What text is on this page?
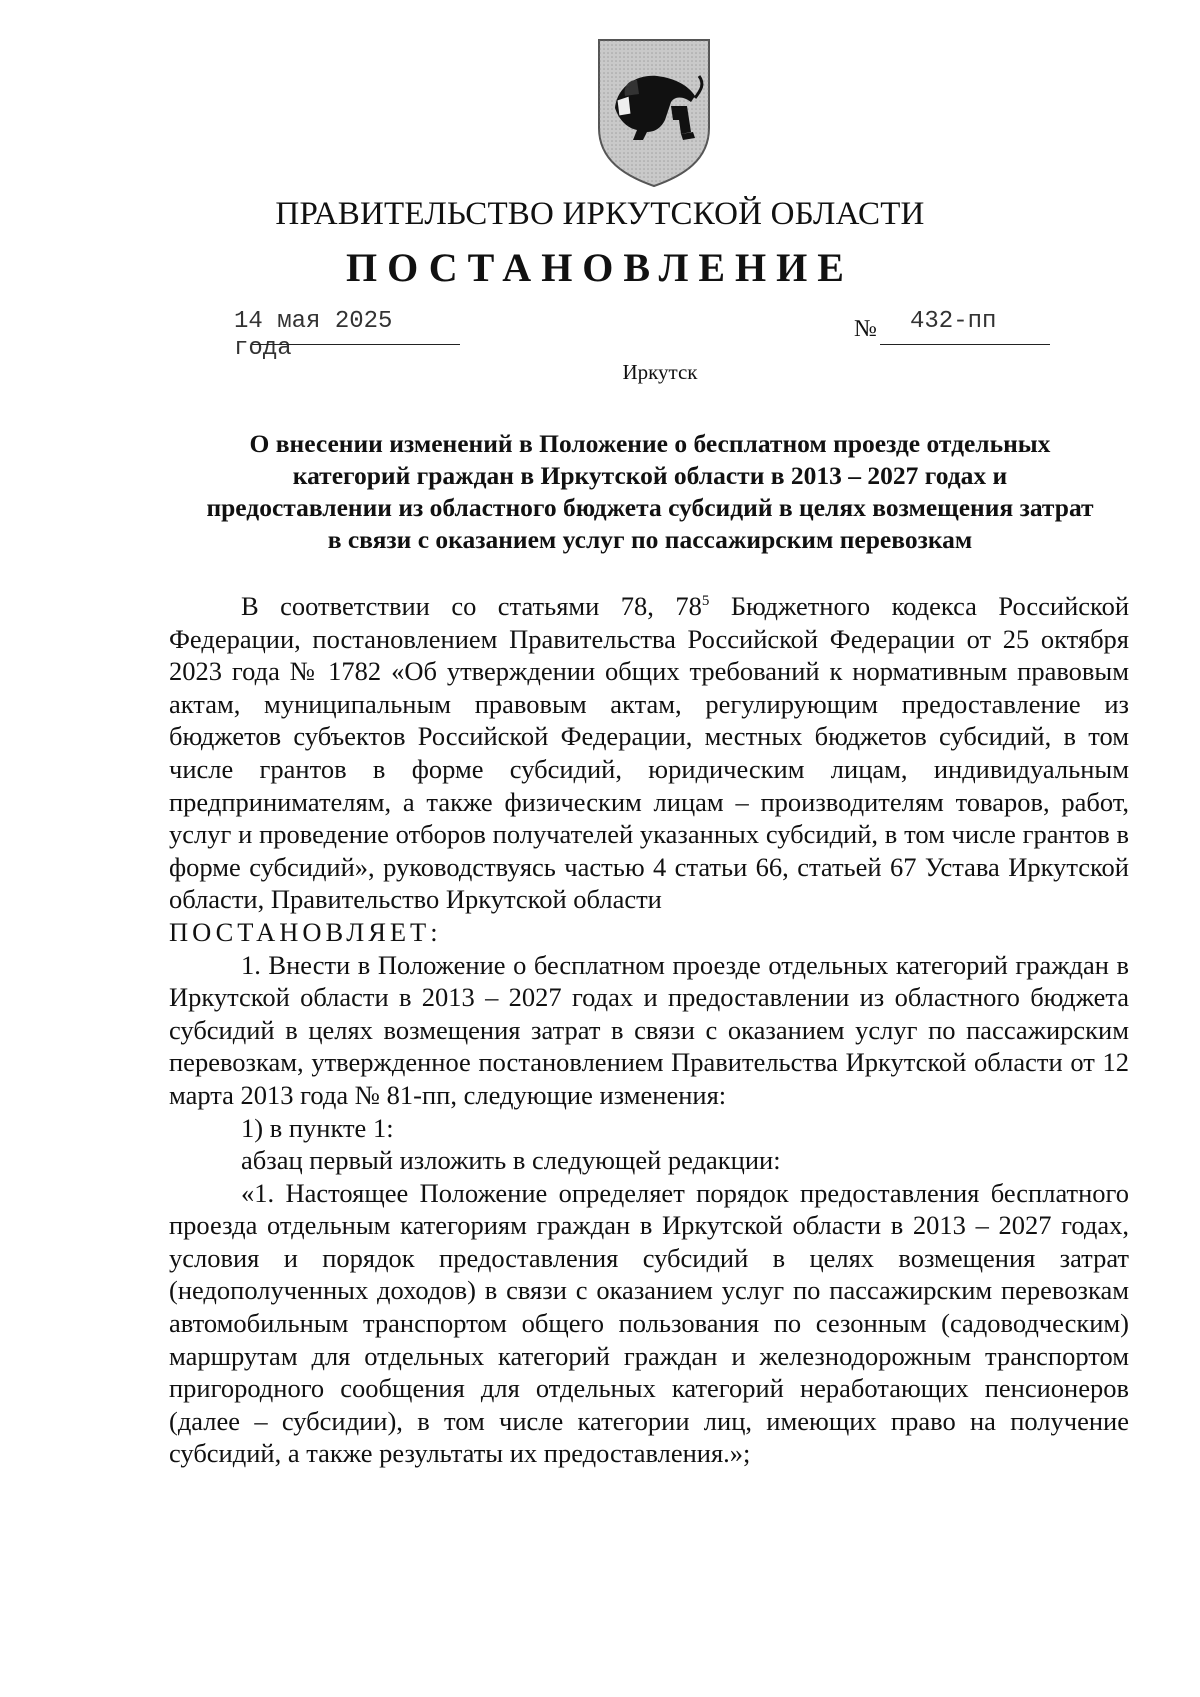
ПРАВИТЕЛЬСТВО ИРКУТСКОЙ ОБЛАСТИ
ПОСТАНОВЛЕНИЕ
14 мая 2025 года
№ 432-пп
Иркутск

О внесении изменений в Положение о бесплатном проезде отдельных категорий граждан в Иркутской области в 2013 – 2027 годах и предоставлении из областного бюджета субсидий в целях возмещения затрат в связи с оказанием услуг по пассажирским перевозкам

В соответствии со статьями 78, $78^5$ Бюджетного кодекса Российской Федерации, постановлением Правительства Российской Федерации от 25 октября 2023 года № 1782 «Об утверждении общих требований к нормативным правовым актам, муниципальным правовым актам, регулирующим предоставление из бюджетов субъектов Российской Федерации, местных бюджетов субсидий, в том числе грантов в форме субсидий, юридическим лицам, индивидуальным предпринимателям, а также физическим лицам – производителям товаров, работ, услуг и проведение отборов получателей указанных субсидий, в том числе грантов в форме субсидий», руководствуясь частью 4 статьи 66, статьей 67 Устава Иркутской области, Правительство Иркутской области

ПОСТАНОВЛЯЕТ:

1. Внести в Положение о бесплатном проезде отдельных категорий граждан в Иркутской области в 2013 – 2027 годах и предоставлении из областного бюджета субсидий в целях возмещения затрат в связи с оказанием услуг по пассажирским перевозкам, утвержденное постановлением Правительства Иркутской области от 12 марта 2013 года № 81-пп, следующие изменения:

1) в пункте 1:

абзац первый изложить в следующей редакции:

«1. Настоящее Положение определяет порядок предоставления бесплатного проезда отдельным категориям граждан в Иркутской области в 2013 – 2027 годах, условия и порядок предоставления субсидий в целях возмещения затрат (недополученных доходов) в связи с оказанием услуг по пассажирским перевозкам автомобильным транспортом общего пользования по сезонным (садоводческим) маршрутам для отдельных категорий граждан и железнодорожным транспортом пригородного сообщения для отдельных категорий неработающих пенсионеров (далее – субсидии), в том числе категории лиц, имеющих право на получение субсидий, а также результаты их предоставления.»;
